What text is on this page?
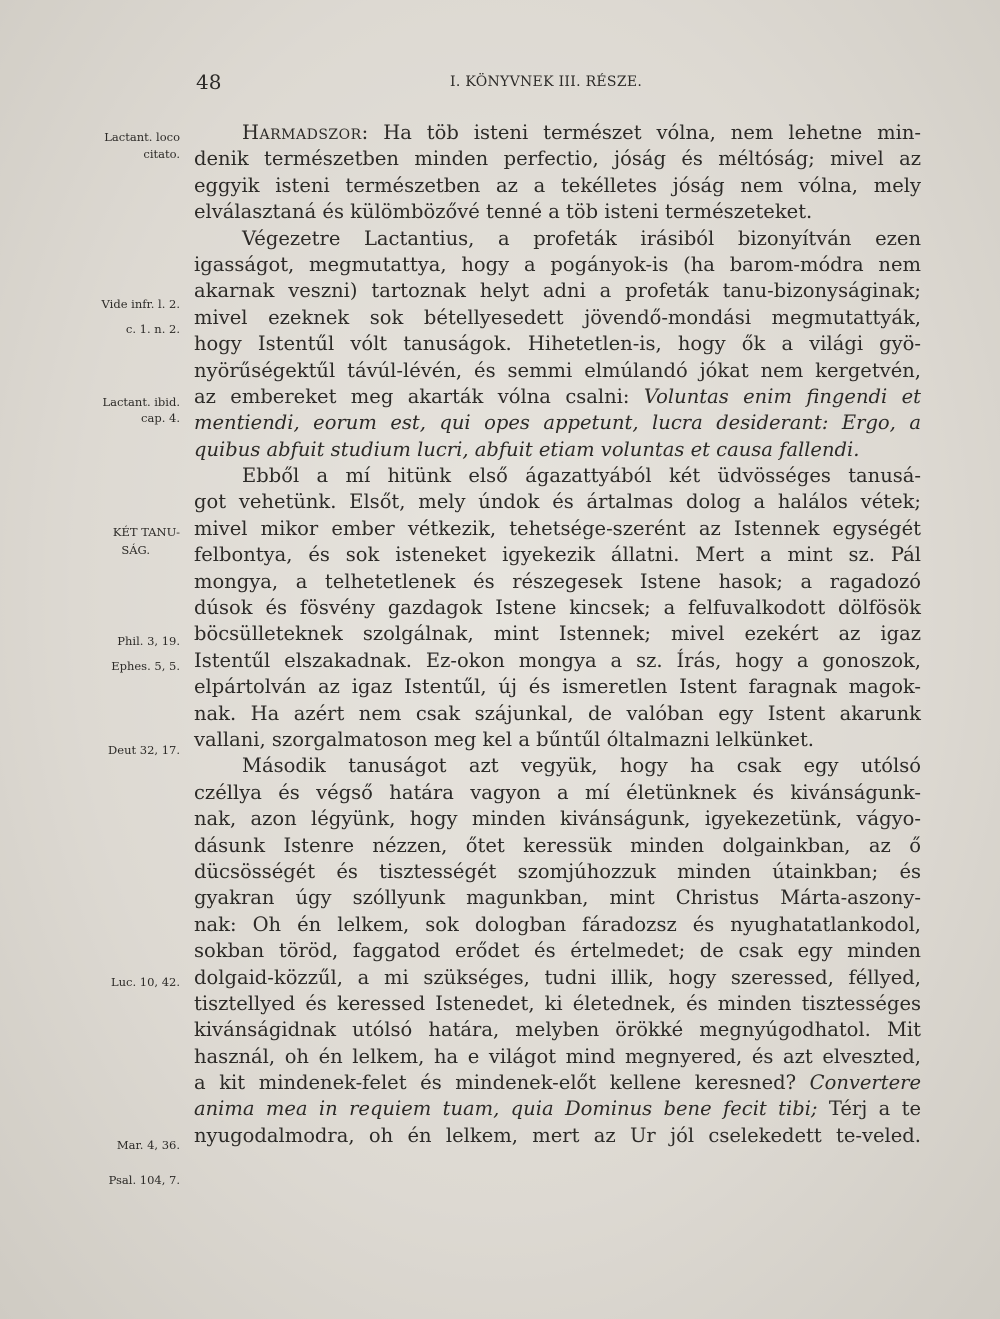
48	I. KÖNYVNEK III. RÉSZE.
Lactant. loco
citato.
Vide infr. l. 2.
c. 1. n. 2.
Lactant. ibid.
cap. 4.
KÉT TANU-
SÁG.
Phil. 3, 19.
Ephes. 5, 5.
Deut 32, 17.
Luc. 10, 42.
Mar. 4, 36.
Psal. 104, 7.
Harmadszor: Ha töb isteni természet vólna, nem lehetne min-
denik természetben minden perfectio, jóság és méltóság; mivel az
eggyik isteni természetben az a tekélletes jóság nem vólna, mely
elválasztaná és külömbözővé tenné a töb isteni természeteket.
Végezetre Lactantius, a profeták irásiból bizonyítván ezen
igasságot, megmutattya, hogy a pogányok-is (ha barom-módra nem
akarnak veszni) tartoznak helyt adni a profeták tanu-bizonyságinak;
mivel ezeknek sok bétellyesedett jövendő-mondási megmutattyák,
hogy Istentűl vólt tanuságok. Hihetetlen-is, hogy ők a világi gyö-
nyörűségektűl távúl-lévén, és semmi elmúlandó jókat nem kergetvén,
az embereket meg akarták vólna csalni: Voluntas enim fingendi et
mentiendi, eorum est, qui opes appetunt, lucra desiderant: Ergo, a
quibus abfuit studium lucri, abfuit etiam voluntas et causa fallendi.
Ebből a mí hitünk első ágazattyából két üdvösséges tanusá-
got vehetünk. Elsőt, mely úndok és ártalmas dolog a halálos vétek;
mivel mikor ember vétkezik, tehetsége-szerént az Istennek egységét
felbontya, és sok isteneket igyekezik állatni. Mert a mint sz. Pál
mongya, a telhetetlenek és részegesek Istene hasok; a ragadozó
dúsok és fösvény gazdagok Istene kincsek; a felfuvalkodott dölfösök
böcsülleteknek szolgálnak, mint Istennek; mivel ezekért az igaz
Istentűl elszakadnak. Ez-okon mongya a sz. Írás, hogy a gonoszok,
elpártolván az igaz Istentűl, új és ismeretlen Istent faragnak magok-
nak. Ha azért nem csak szájunkal, de valóban egy Istent akarunk
vallani, szorgalmatoson meg kel a bűntűl óltalmazni lelkünket.
Második tanuságot azt vegyük, hogy ha csak egy utólsó
czéllya és végső határa vagyon a mí életünknek és kivánságunk-
nak, azon légyünk, hogy minden kivánságunk, igyekezetünk, vágyo-
dásunk Istenre nézzen, őtet keressük minden dolgainkban, az ő
dücsösségét és tisztességét szomjúhozzuk minden útainkban; és
gyakran úgy szóllyunk magunkban, mint Christus Márta-aszony-
nak: Oh én lelkem, sok dologban fáradozsz és nyughatatlankodol,
sokban töröd, faggatod erődet és értelmedet; de csak egy minden
dolgaid-közzűl, a mi szükséges, tudni illik, hogy szeressed, féllyed,
tisztellyed és keressed Istenedet, ki életednek, és minden tisztességes
kivánságidnak utólsó határa, melyben örökké megnyúgodhatol. Mit
használ, oh én lelkem, ha e világot mind megnyered, és azt elveszted,
a kit mindenek-felet és mindenek-előt kellene keresned? Convertere
anima mea in requiem tuam, quia Dominus bene fecit tibi; Térj a te
nyugodalmodra, oh én lelkem, mert az Ur jól cselekedett te-veled.
